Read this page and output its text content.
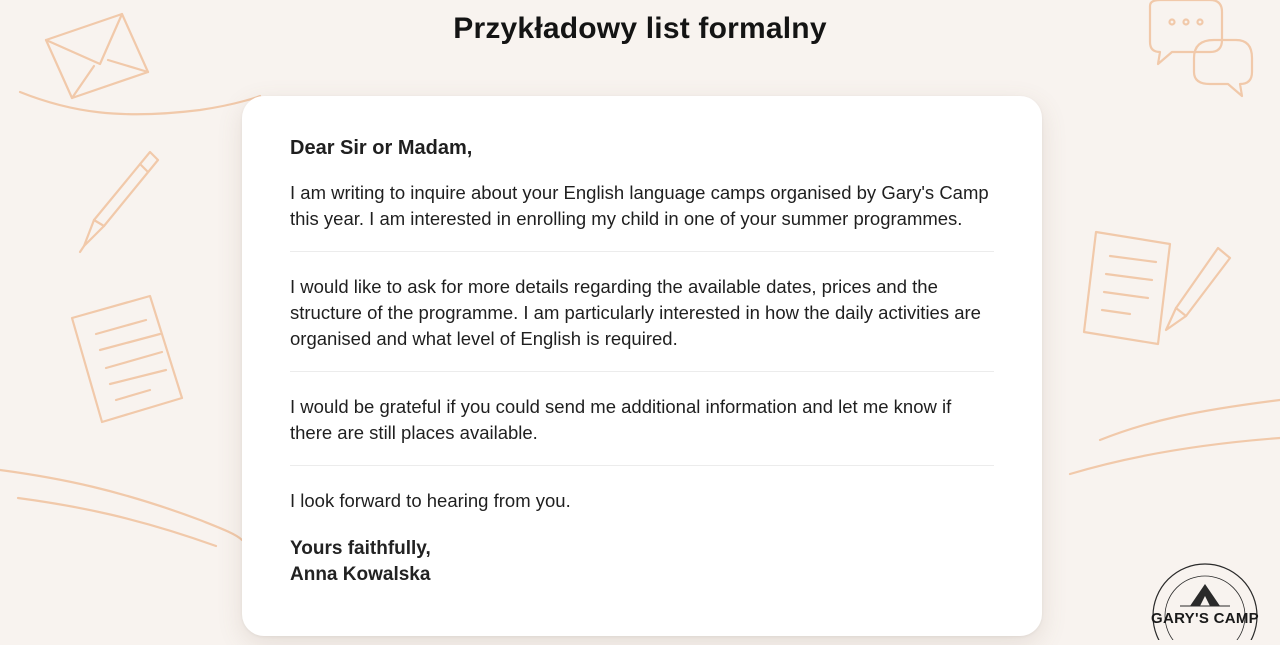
Przykładowy list formalny

Dear Sir or Madam,

I am writing to inquire about your English language camps organised by Gary's Camp this year. I am interested in enrolling my child in one of your summer programmes.

I would like to ask for more details regarding the available dates, prices and the structure of the programme. I am particularly interested in how the daily activities are organised and what level of English is required.

I would be grateful if you could send me additional information and let me know if there are still places available.

I look forward to hearing from you.

Yours faithfully,
Anna Kowalska
GARY'S CAMP
